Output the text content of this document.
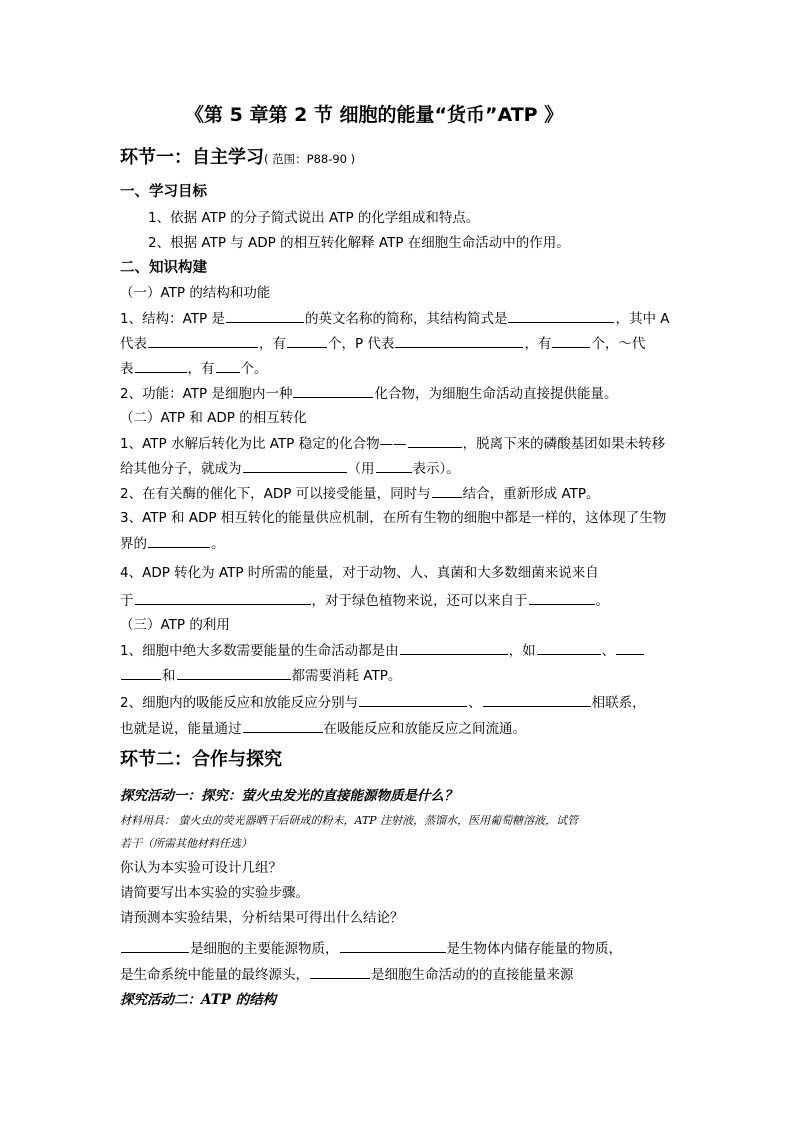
《第 5 章第 2 节 细胞的能量“货币”ATP 》
环节一：自主学习( 范围：P88-90 )
一、学习目标
1、依据 ATP 的分子简式说出 ATP 的化学组成和特点。
2、根据 ATP 与 ADP 的相互转化解释 ATP 在细胞生命活动中的作用。
二、知识构建
（一）ATP 的结构和功能
1、结构：ATP 是	的英文名称的简称，其结构简式是	，其中 A
代表	，有	个，P 代表	，有	个，～代
表	，有 个。
2、功能：ATP 是细胞内一种	化合物，为细胞生命活动直接提供能量。
（二）ATP 和 ADP 的相互转化
1、ATP 水解后转化为比 ATP 稳定的化合物——	，脱离下来的磷酸基团如果未转移
给其他分子，就成为	（用	表示）。
2、在有关酶的催化下，ADP 可以接受能量，同时与 结合，重新形成 ATP。
3、ATP 和 ADP 相互转化的能量供应机制，在所有生物的细胞中都是一样的，这体现了生物
界的	。
4、ADP 转化为 ATP 时所需的能量，对于动物、人、真菌和大多数细菌来说来自
于	，对于绿色植物来说，还可以来自于	。
（三）ATP 的利用
1、细胞中绝大多数需要能量的生命活动都是由	，如	、
和	都需要消耗 ATP。
2、细胞内的吸能反应和放能反应分别与	、	相联系，
也就是说，能量通过	在吸能反应和放能反应之间流通。
环节二：合作与探究
探究活动一：探究：萤火虫发光的直接能源物质是什么？
材料用具： 萤火虫的荧光器晒干后研成的粉末，ATP 注射液，蒸馏水，医用葡萄糖溶液，试管
若干（所需其他材料任选）
你认为本实验可设计几组？
请简要写出本实验的实验步骤。
请预测本实验结果，分析结果可得出什么结论？
是细胞的主要能源物质，	是生物体内储存能量的物质，
是生命系统中能量的最终源头，	是细胞生命活动的的直接能量来源
探究活动二：ATP 的结构
